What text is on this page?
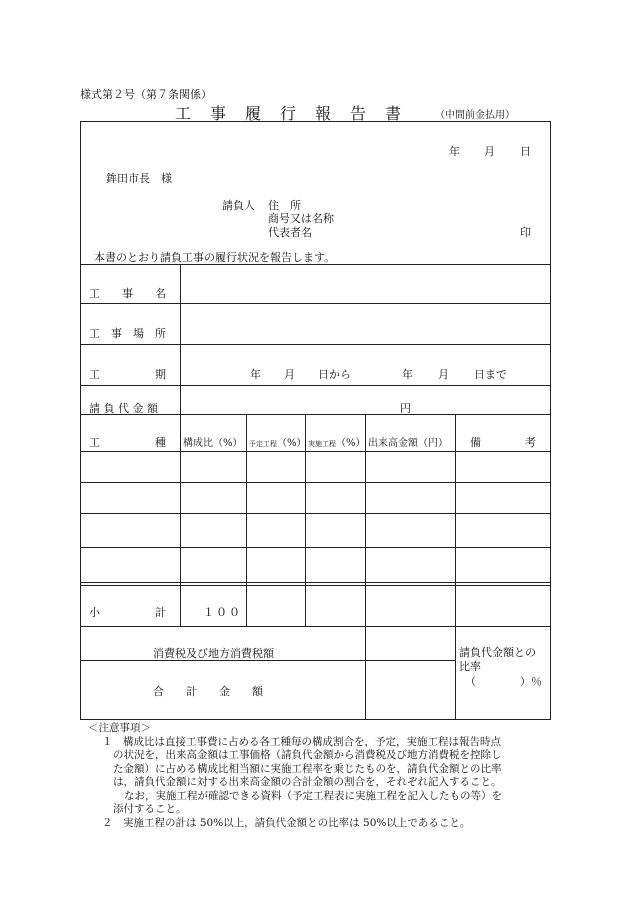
様式第２号（第７条関係）
工事履行報告書 （中間前金払用）
年 月 日
鉾田市長　様
請負人 住　所
商号又は名称
代表者名	印
本書のとおり請負工事の履行状況を報告します。
工　　事　　名
工　事　場　所
工　　　　　期	年 月 日から	年 月 日まで
請 負 代 金 額	円
工　　　　　種 構成比（%） 予定工程（%） 実施工程（%） 出来高金額（円） 備　　　　考
小　　　　　計	１００
消費税及び地方消費税額
合　　計　　金　　額
請負代金額との
比率
（　　　　）％
＜注意事項＞
１　構成比は直接工事費に占める各工種毎の構成割合を，予定，実施工程は報告時点
の状況を，出来高金額は工事価格（請負代金額から消費税及び地方消費税を控除し
た金額）に占める構成比相当額に実施工程率を乗じたものを，請負代金額との比率
は，請負代金額に対する出来高金額の合計金額の割合を，それぞれ記入すること。
なお，実施工程が確認できる資料（予定工程表に実施工程を記入したもの等）を
添付すること。
２　実施工程の計は 50%以上，請負代金額との比率は 50%以上であること。
